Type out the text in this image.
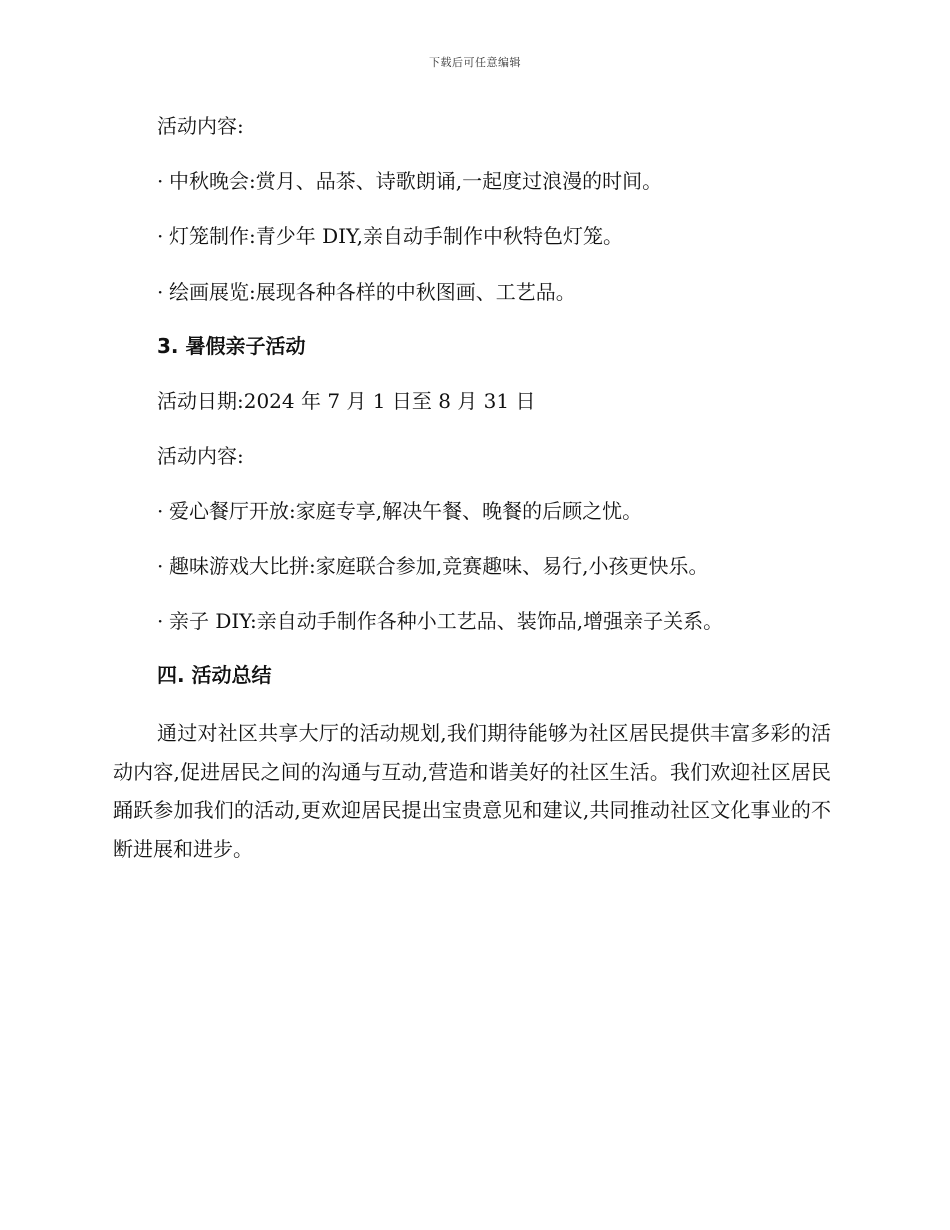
下载后可任意编辑
活动内容:
· 中秋晚会:赏月、品茶、诗歌朗诵,一起度过浪漫的时间。
· 灯笼制作:青少年 DIY,亲自动手制作中秋特色灯笼。
· 绘画展览:展现各种各样的中秋图画、工艺品。
3. 暑假亲子活动
活动日期:2024 年 7 月 1 日至 8 月 31 日
活动内容:
· 爱心餐厅开放:家庭专享,解决午餐、晚餐的后顾之忧。
· 趣味游戏大比拼:家庭联合参加,竞赛趣味、易行,小孩更快乐。
· 亲子 DIY:亲自动手制作各种小工艺品、装饰品,增强亲子关系。
四. 活动总结

通过对社区共享大厅的活动规划,我们期待能够为社区居民提供丰富多彩的活动内容,促进居民之间的沟通与互动,营造和谐美好的社区生活。我们欢迎社区居民踊跃参加我们的活动,更欢迎居民提出宝贵意见和建议,共同推动社区文化事业的不断进展和进步。
